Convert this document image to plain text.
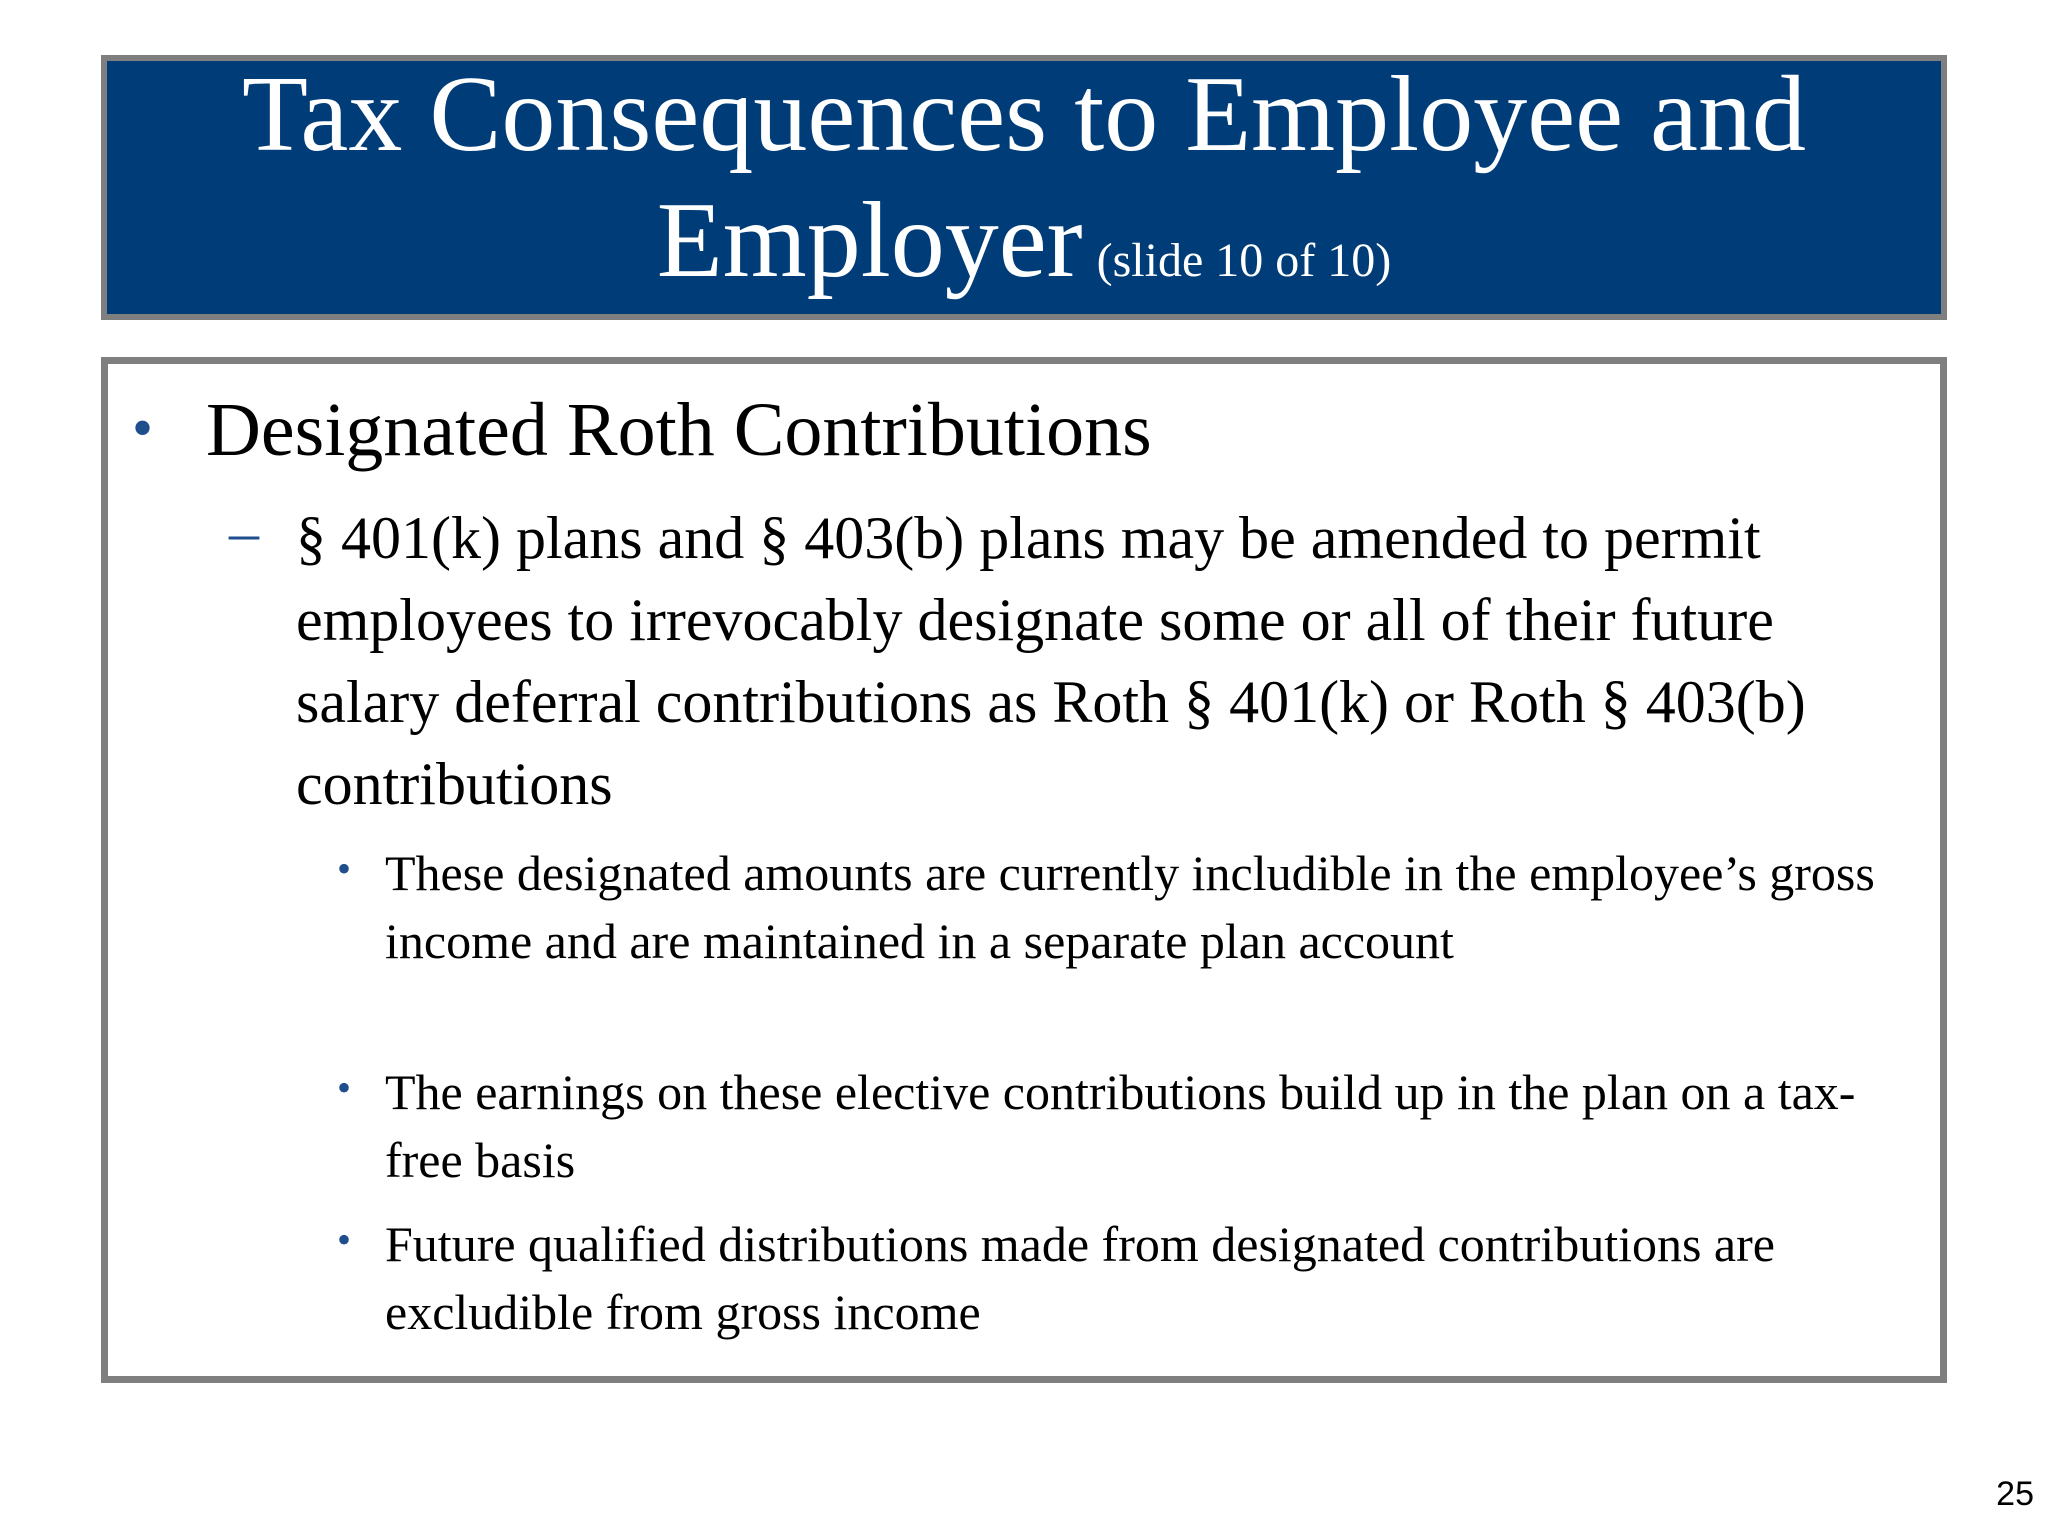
Tax Consequences to Employee and
Employer (slide 10 of 10)
• Designated Roth Contributions
– § 401(k) plans and § 403(b) plans may be amended to permit employees to irrevocably designate some or all of their future salary deferral contributions as Roth § 401(k) or Roth § 403(b) contributions
• These designated amounts are currently includible in the employee’s gross income and are maintained in a separate plan account
• The earnings on these elective contributions build up in the plan on a tax-free basis
• Future qualified distributions made from designated contributions are excludible from gross income
25
